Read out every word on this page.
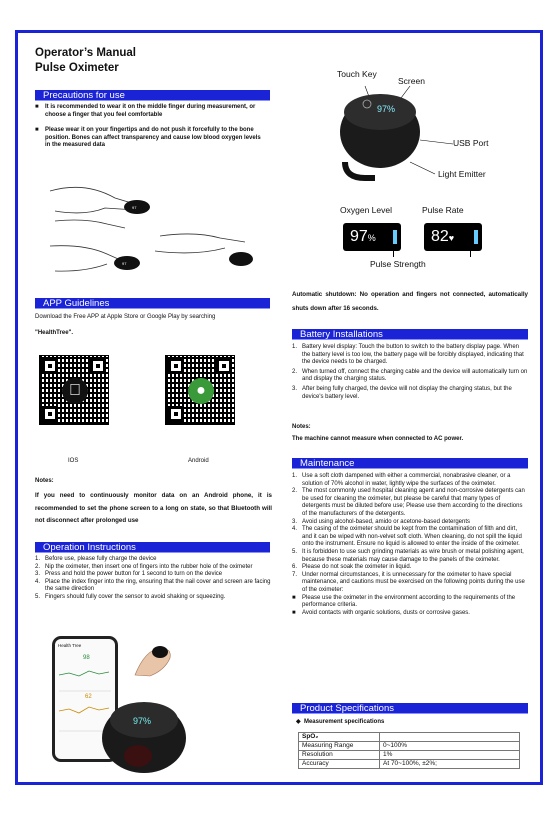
Operator’s Manual
Pulse Oximeter
Precautions for use
■ It is recommended to wear it on the middle finger during measurement, or choose a finger that you feel comfortable
■ Please wear it on your fingertips and do not push it forcefully to the bone position. Bones can affect transparency and cause low blood oxygen levels in the measured data
97
97
APP Guidelines
Download the Free APP at Apple Store or Google Play by searching
"HealthTree".
●
IOS	Android
Notes:
If you need to continuously monitor data on an Android phone, it is recommended to set the phone screen to a long on state, so that Bluetooth will not disconnect after prolonged use
Operation Instructions
1. Before use, please fully charge the device
2. Nip the oximeter, then insert one of fingers into the rubber hole of the oximeter
3. Press and hold the power button for 1 second to turn on the device
4. Place the index finger into the ring, ensuring that the nail cover and screen are facing the same direction
5. Fingers should fully cover the sensor to avoid shaking or squeezing.
Health Tree
98
62
97%
Touch Key
Screen
97%
USB Port
Light Emitter
Oxygen Level	Pulse Rate
97%	82♥
Pulse Strength
Automatic shutdown: No operation and fingers not connected, automatically shuts down after 16 seconds.
Battery Installations
1. Battery level display: Touch the button to switch to the battery display page. When the battery level is too low, the battery page will be forcibly displayed, indicating that the device needs to be charged.
2. When turned off, connect the charging cable and the device will automatically turn on and display the charging status.
3. After being fully charged, the device will not display the charging status, but the device's battery level.
Notes:
The machine cannot measure when connected to AC power.
Maintenance
1. Use a soft cloth dampened with either a commercial, nonabrasive cleaner, or a solution of 70% alcohol in water, lightly wipe the surfaces of the oximeter.
2. The most commonly used hospital cleaning agent and non-corrosive detergents can be used for cleaning the oximeter, but please be careful that many types of detergents must be diluted before use; Please use them according to the directions of the manufacturers of the detergents.
3. Avoid using alcohol-based, amido or acetone-based detergents
4. The casing of the oximeter should be kept from the contamination of filth and dirt, and it can be wiped with non-velvet soft cloth. When cleaning, do not spill the liquid onto the instrument. Ensure no liquid is allowed to enter the inside of the oximeter.
5. It is forbidden to use such grinding materials as wire brush or metal polishing agent, because these materials may cause damage to the panels of the oximeter.
6. Please do not soak the oximeter in liquid.
7. Under normal circumstances, it is unnecessary for the oximeter to have special maintenance, and cautions must be exercised on the following points during the use of the oximeter:
■ Please use the oximeter in the environment according to the requirements of the performance criteria.
■ Avoid contacts with organic solutions, dusts or corrosive gases.
Product Specifications
◆ Measurement specifications
SpO₂	
Measuring Range	0~100%
Resolution	1%
Accuracy	At 70~100%, ±2%;
